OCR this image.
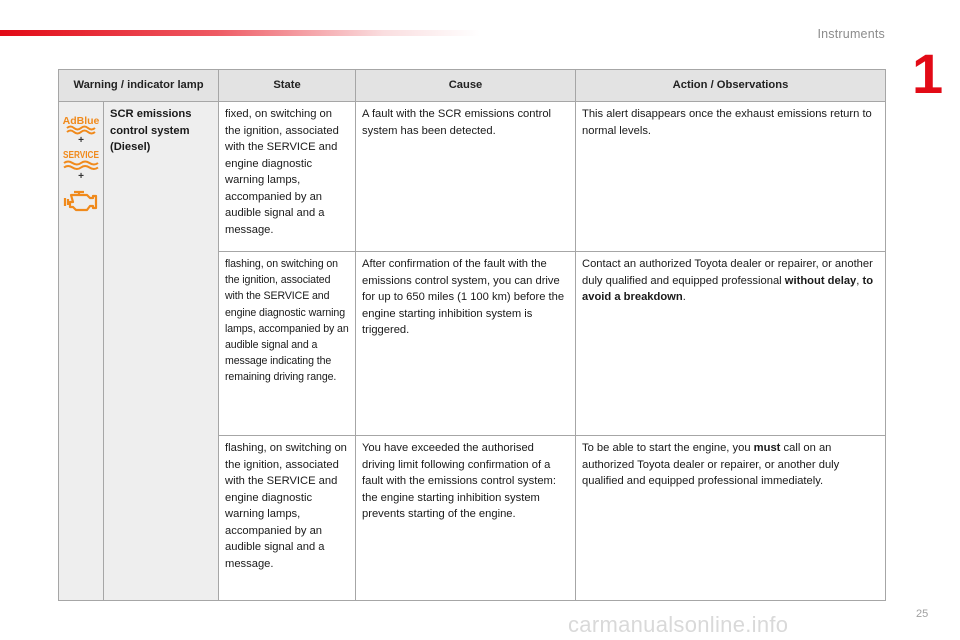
Instruments
1
Warning / indicator lamp		State	Cause	Action / Observations

AdBlue
+
SERVICE
+	SCR emissions control system (Diesel)	fixed, on switching on the ignition, associated with the SERVICE and engine diagnostic warning lamps, accompanied by an audible signal and a message.	A fault with the SCR emissions control system has been detected.	This alert disappears once the exhaust emissions return to normal levels.
		flashing, on switching on the ignition, associated with the SERVICE and engine diagnostic warning lamps, accompanied by an audible signal and a message indicating the remaining driving range.	After confirmation of the fault with the emissions control system, you can drive for up to 650 miles (1 100 km) before the engine starting inhibition system is triggered.	Contact an authorized Toyota dealer or repairer, or another duly qualified and equipped professional without delay, to avoid a breakdown.
		flashing, on switching on the ignition, associated with the SERVICE and engine diagnostic warning lamps, accompanied by an audible signal and a message.	You have exceeded the authorised driving limit following confirmation of a fault with the emissions control system: the engine starting inhibition system prevents starting of the engine.	To be able to start the engine, you must call on an authorized Toyota dealer or repairer, or another duly qualified and equipped professional immediately.
carmanualsonline.info	25
